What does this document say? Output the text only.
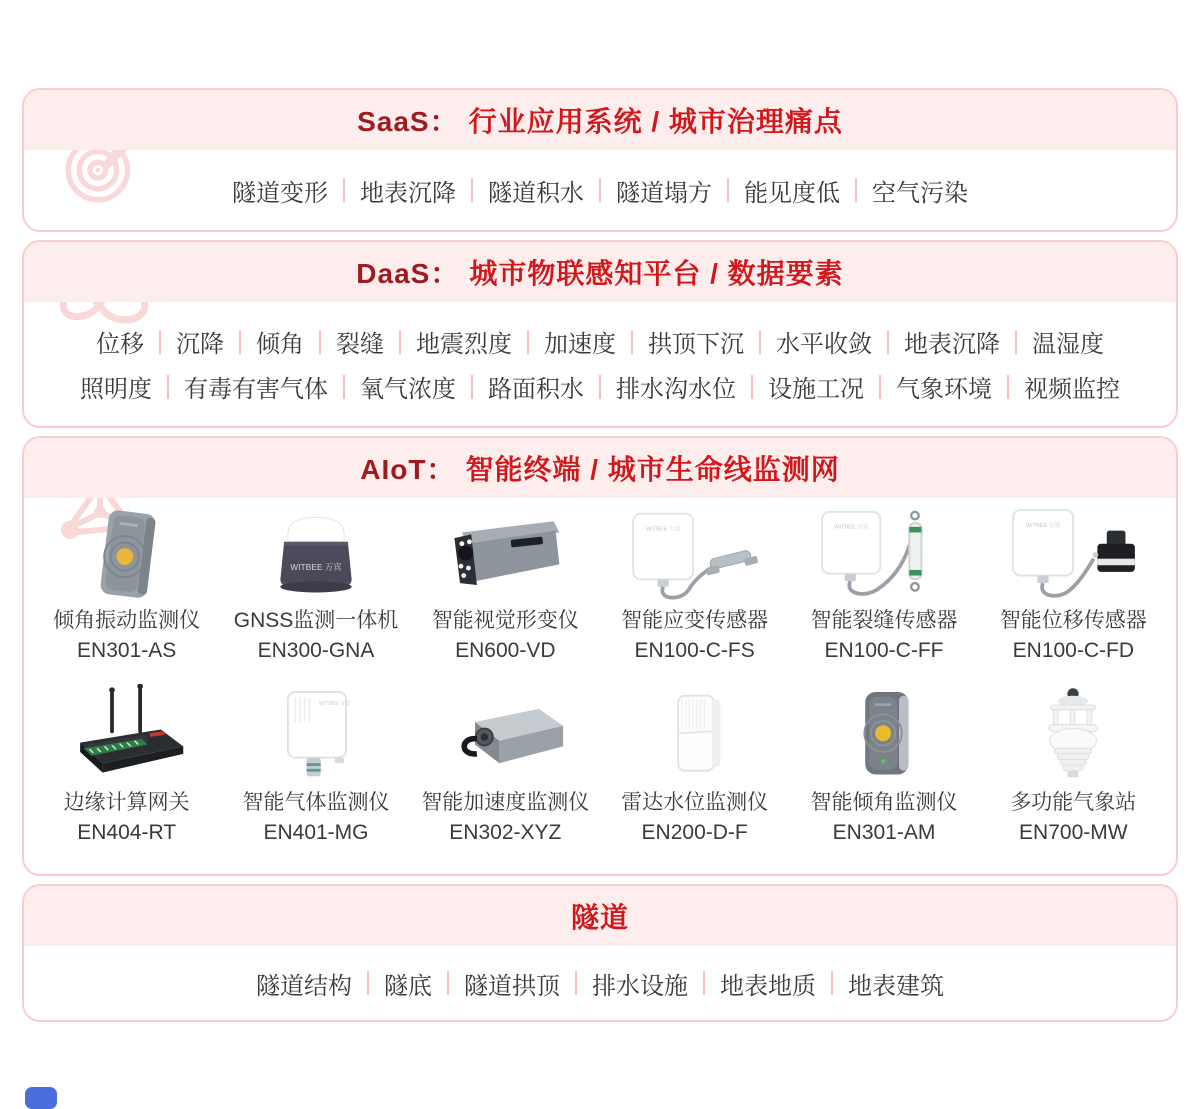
SaaS： 行业应用系统 / 城市治理痛点
隧道变形	地表沉降	隧道积水	隧道塌方	能见度低	空气污染
DaaS： 城市物联感知平台 / 数据要素
位移	沉降	倾角	裂缝	地震烈度	加速度	拱顶下沉	水平收敛	地表沉降	温湿度
照明度	有毒有害气体	氧气浓度	路面积水	排水沟水位	设施工况	气象环境	视频监控
AIoT： 智能终端 / 城市生命线监测网
倾角振动监测仪
EN301-AS
WITBEE 万宾
GNSS监测一体机
EN300-GNA
智能视觉形变仪
EN600-VD
WITBEE 万宾
智能应变传感器
EN100-C-FS
WITBEE 万宾
智能裂缝传感器
EN100-C-FF
WITBEE 万宾
智能位移传感器
EN100-C-FD
边缘计算网关
EN404-RT
WITBEE 万宾
智能气体监测仪
EN401-MG
智能加速度监测仪
EN302-XYZ
雷达水位监测仪
EN200-D-F
智能倾角监测仪
EN301-AM
多功能气象站
EN700-MW
隧道
隧道结构	隧底	隧道拱顶	排水设施	地表地质	地表建筑
